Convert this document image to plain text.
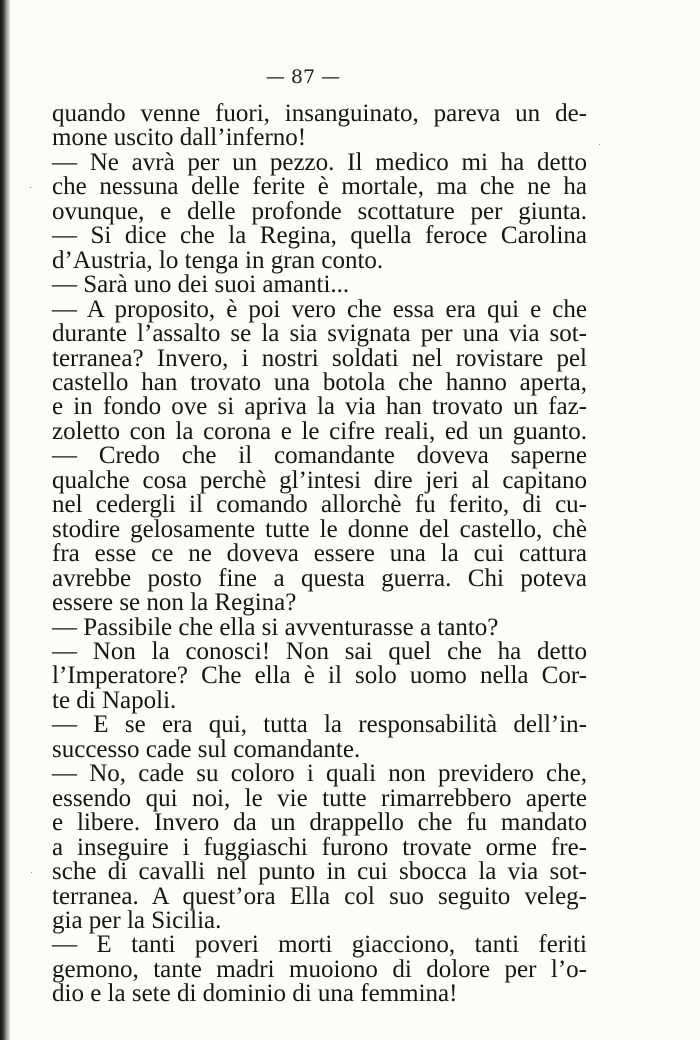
— 87 —

quando venne fuori, insanguinato, pareva un de-
mone uscito dall’inferno!
— Ne avrà per un pezzo. Il medico mi ha detto
che nessuna delle ferite è mortale, ma che ne ha
ovunque, e delle profonde scottature per giunta.
— Si dice che la Regina, quella feroce Carolina
d’Austria, lo tenga in gran conto.
— Sarà uno dei suoi amanti...
— A proposito, è poi vero che essa era qui e che
durante l’assalto se la sia svignata per una via sot-
terranea? Invero, i nostri soldati nel rovistare pel
castello han trovato una botola che hanno aperta,
e in fondo ove si apriva la via han trovato un faz-
zoletto con la corona e le cifre reali, ed un guanto.
— Credo che il comandante doveva saperne
qualche cosa perchè gl’intesi dire jeri al capitano
nel cedergli il comando allorchè fu ferito, di cu-
stodire gelosamente tutte le donne del castello, chè
fra esse ce ne doveva essere una la cui cattura
avrebbe posto fine a questa guerra. Chi poteva
essere se non la Regina?
— Passibile che ella si avventurasse a tanto?
— Non la conosci! Non sai quel che ha detto
l’Imperatore? Che ella è il solo uomo nella Cor-
te di Napoli.
— E se era qui, tutta la responsabilità dell’in-
successo cade sul comandante.
— No, cade su coloro i quali non previdero che,
essendo qui noi, le vie tutte rimarrebbero aperte
e libere. Invero da un drappello che fu mandato
a inseguire i fuggiaschi furono trovate orme fre-
sche di cavalli nel punto in cui sbocca la via sot-
terranea. A quest’ora Ella col suo seguito veleg-
gia per la Sicilia.
— E tanti poveri morti giacciono, tanti feriti
gemono, tante madri muoiono di dolore per l’o-
dio e la sete di dominio di una femmina!
·
·
·
